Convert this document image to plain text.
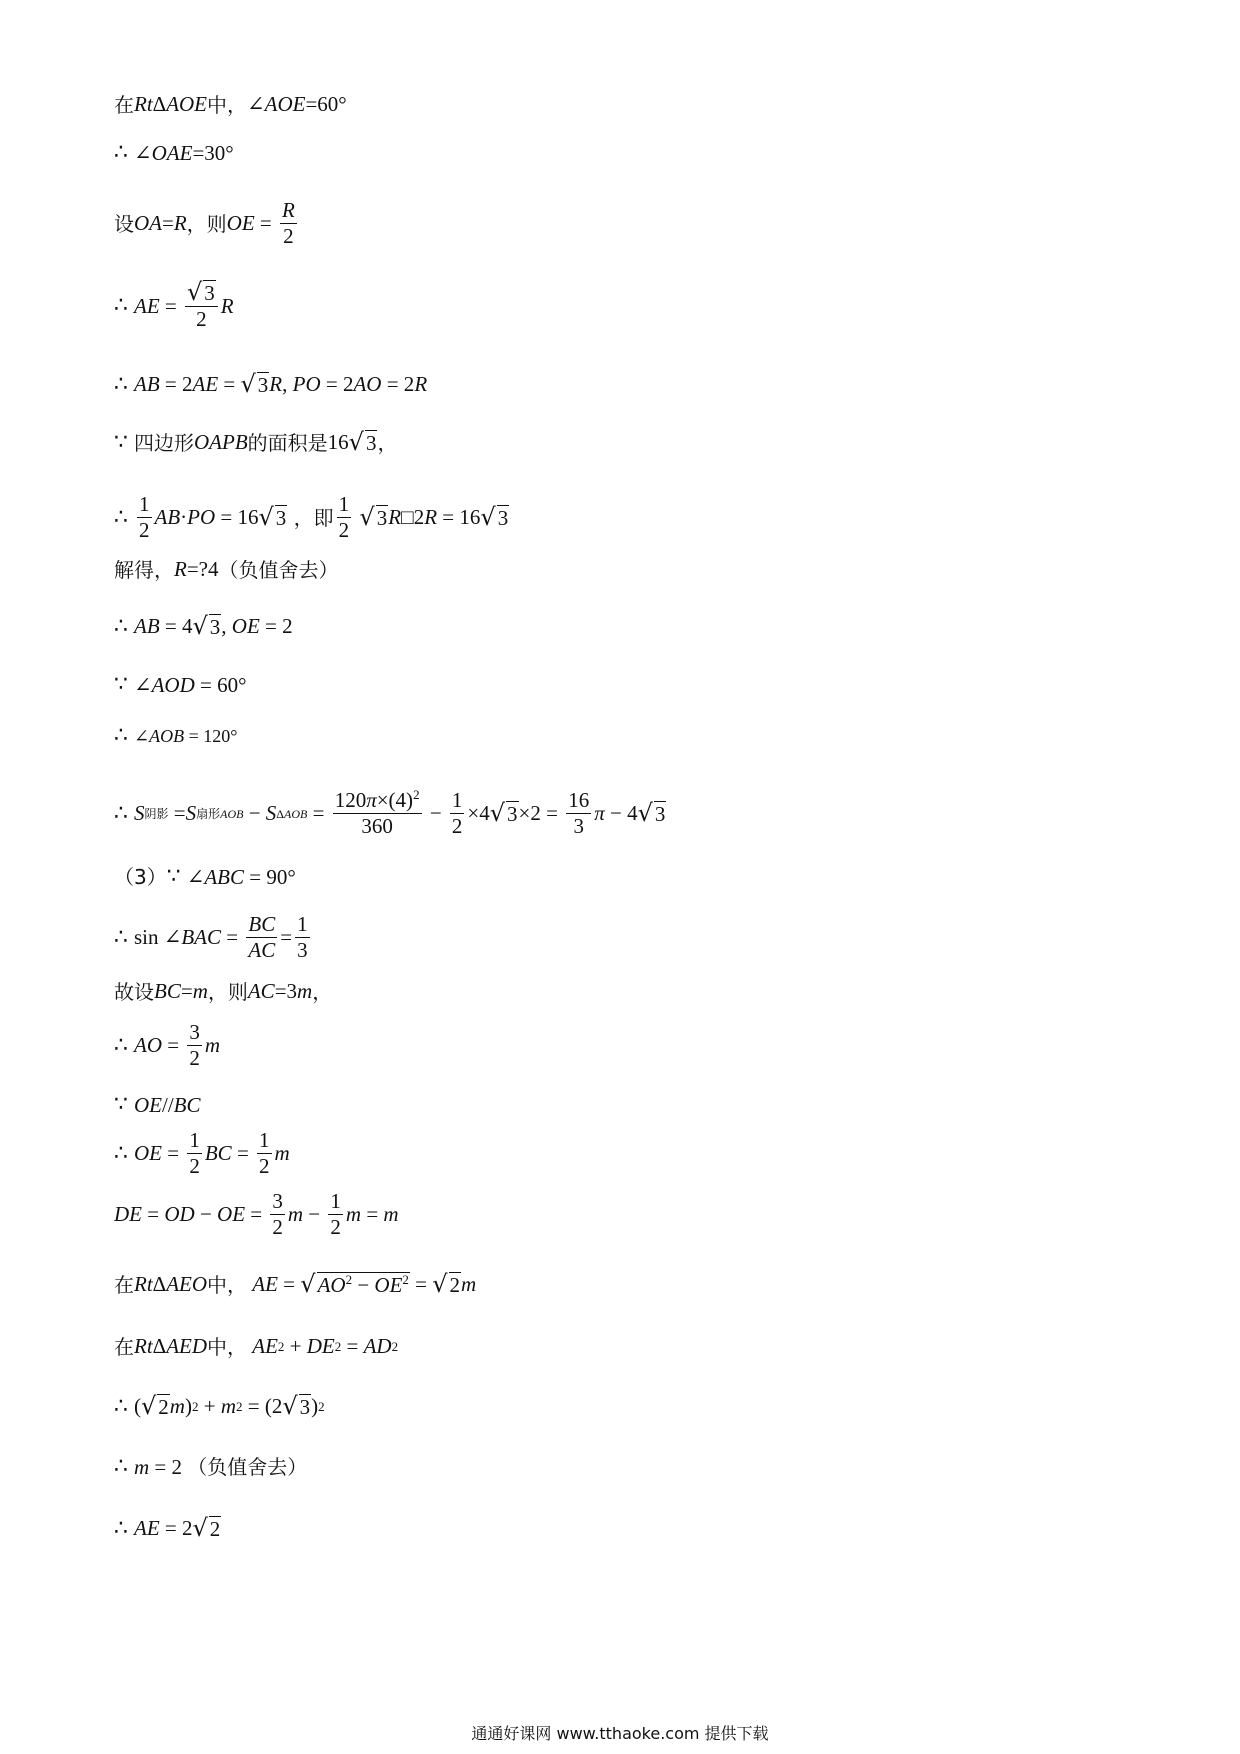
在 Rt Δ AOE 中， ∠ AOE =60°
∴ ∠ OAE =30°
设 OA = R ，则 OE = $\frac{R}{2}$
∴ AE = $\frac{√ 3}{2}$ R
∴ AB = 2 AE = √ 3 R , PO = 2 AO = 2 R
∵ 四边形 OAPB 的面积是 16 √ 3 ，
∴ $\frac{1}{2}$ AB · PO = 16 √ 3 ，即 $\frac{1}{2}$
√ 3 R □2 R = 16 √ 3
解得， R =?4 （负值舍去）
∴ AB = 4 √ 3 , OE = 2
∵ ∠ AOD = 60°
∴ ∠AOB = 120°
∴ S 阴影 = S 扇形AOB − S $\Delta AOB = \frac{120\pi\times(4)^2}{360} - \frac{1}{2} \times 4$ √ $3 \times 2 = \frac{16}{3}$ π − 4 √ 3
（3） ∵ ∠ ABC = 90°
∴ sin ∠ BAC = $\frac{BC}{AC} = \frac{1}{3}$
故设 BC = m ，则 AC =3 m ，
∴ AO = $\frac{3}{2}$ m
∵ OE // BC
∴ OE = $\frac{1}{2}$ BC = $\frac{1}{2}$ m
DE = OD − OE = $\frac{3}{2}$ $m - \frac{1}{2}$ m = m
在 Rt Δ AEO 中，
AE = √ $AO^2 - OE^2$ = √ 2 m
在 Rt Δ AED 中，
AE 2 + DE 2 = AD 2
∴ ( √ 2 m ) 2 + m 2 = (2 √ 3 ) 2
∴ m = 2 （负值舍去）
∴ AE = 2 √ 2
通通好课网 www.tthaoke.com 提供下载
